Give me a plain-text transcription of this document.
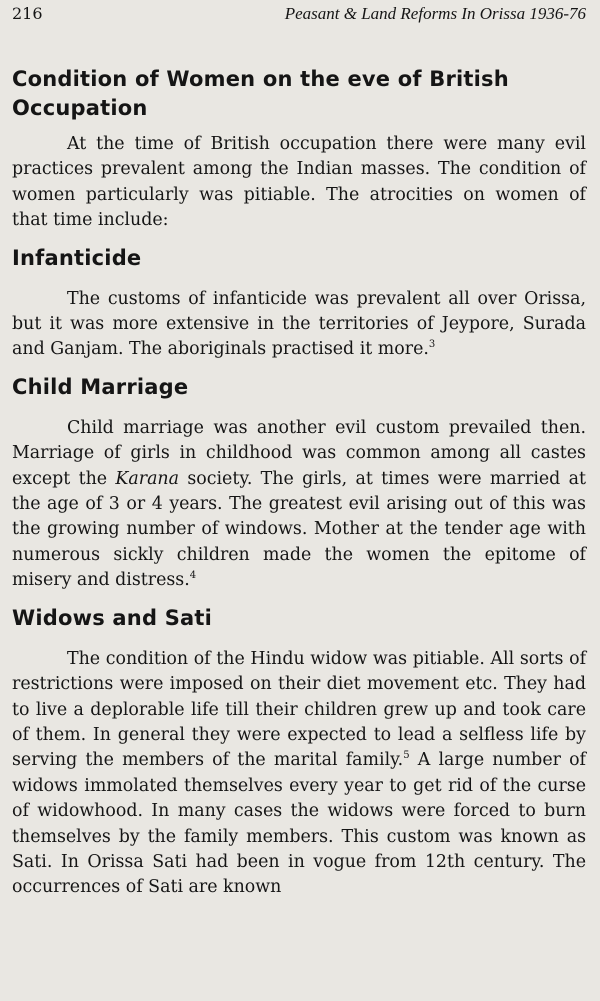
216	Peasant & Land Reforms In Orissa 1936-76
Condition of Women on the eve of British Occupation

At the time of British occupation there were many evil practices prevalent among the Indian masses. The condition of women particularly was pitiable. The atrocities on women of that time include:

Infanticide

The customs of infanticide was prevalent all over Orissa, but it was more extensive in the territories of Jeypore, Surada and Ganjam. The aboriginals practised it more.$^3$

Child Marriage

Child marriage was another evil custom prevailed then. Marriage of girls in childhood was common among all castes except the Karana society. The girls, at times were married at the age of 3 or 4 years. The greatest evil arising out of this was the growing number of windows. Mother at the tender age with numerous sickly children made the women the epitome of misery and distress.$^4$

Widows and Sati

The condition of the Hindu widow was pitiable. All sorts of restrictions were imposed on their diet movement etc. They had to live a deplorable life till their children grew up and took care of them. In general they were expected to lead a selfless life by serving the members of the marital family.$^5$ A large number of widows immolated themselves every year to get rid of the curse of widowhood. In many cases the widows were forced to burn themselves by the family members. This custom was known as Sati. In Orissa Sati had been in vogue from 12th century. The occurrences of Sati are known
